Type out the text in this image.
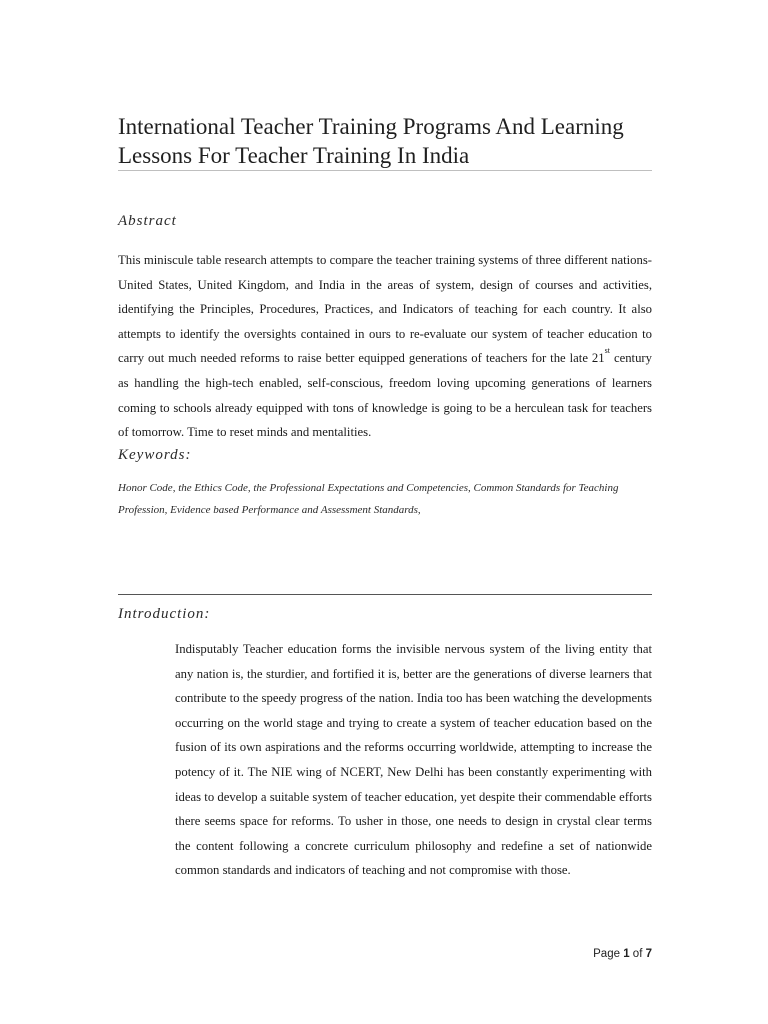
International Teacher Training Programs And Learning Lessons For Teacher Training In India
Abstract

This miniscule table research attempts to compare the teacher training systems of three different nations-United States, United Kingdom, and India in the areas of system, design of courses and activities, identifying the Principles, Procedures, Practices, and Indicators of teaching for each country. It also attempts to identify the oversights contained in ours to re-evaluate our system of teacher education to carry out much needed reforms to raise better equipped generations of teachers for the late 21st century as handling the high-tech enabled, self-conscious, freedom loving upcoming generations of learners coming to schools already equipped with tons of knowledge is going to be a herculean task for teachers of tomorrow. Time to reset minds and mentalities.

Keywords:

Honor Code, the Ethics Code, the Professional Expectations and Competencies, Common Standards for Teaching Profession, Evidence based Performance and Assessment Standards,

Introduction:

Indisputably Teacher education forms the invisible nervous system of the living entity that any nation is, the sturdier, and fortified it is, better are the generations of diverse learners that contribute to the speedy progress of the nation. India too has been watching the developments occurring on the world stage and trying to create a system of teacher education based on the fusion of its own aspirations and the reforms occurring worldwide, attempting to increase the potency of it. The NIE wing of NCERT, New Delhi has been constantly experimenting with ideas to develop a suitable system of teacher education, yet despite their commendable efforts there seems space for reforms. To usher in those, one needs to design in crystal clear terms the content following a concrete curriculum philosophy and redefine a set of nationwide common standards and indicators of teaching and not compromise with those.

Page 1 of 7
